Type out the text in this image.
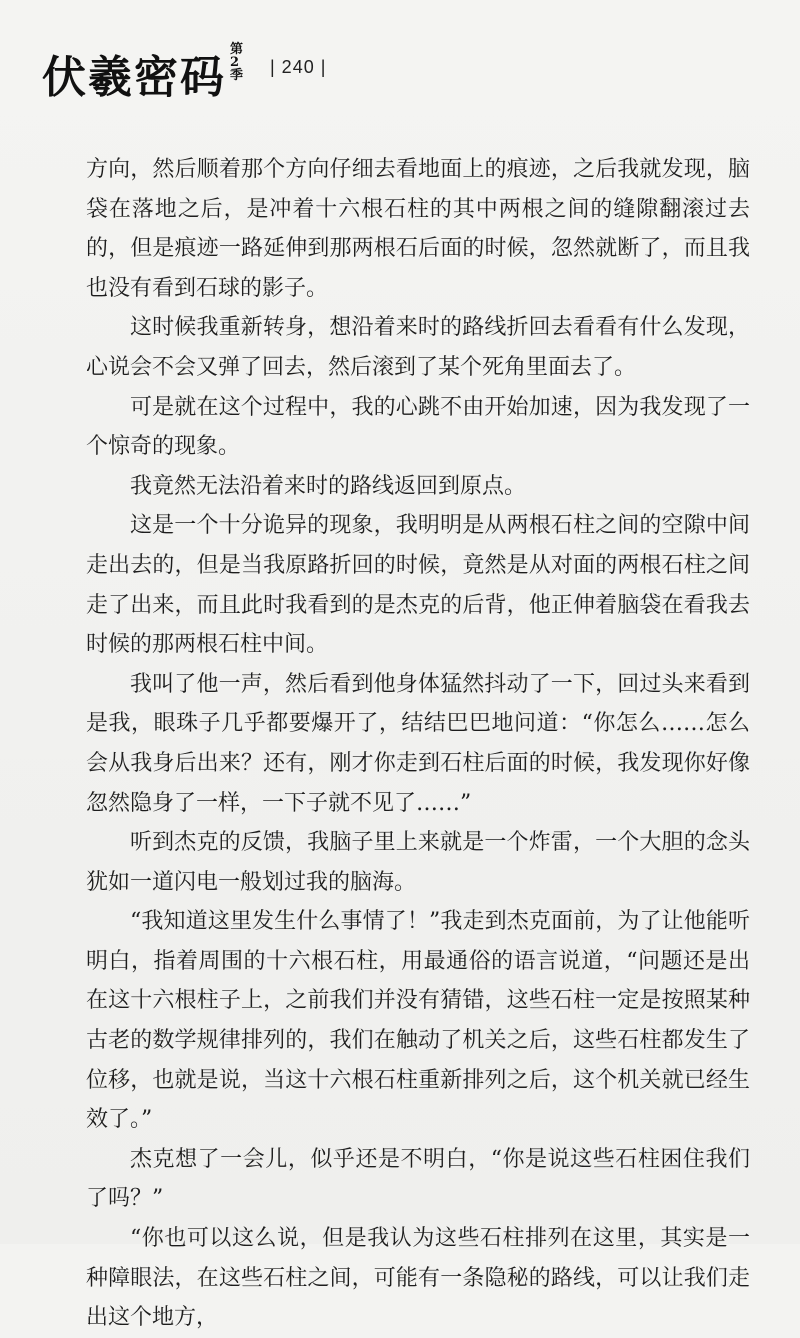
伏羲密码
第2季 | 240 |

方向，然后顺着那个方向仔细去看地面上的痕迹，之后我就发现，脑袋在落地之后，是冲着十六根石柱的其中两根之间的缝隙翻滚过去的，但是痕迹一路延伸到那两根石后面的时候，忽然就断了，而且我也没有看到石球的影子。

这时候我重新转身，想沿着来时的路线折回去看看有什么发现，心说会不会又弹了回去，然后滚到了某个死角里面去了。

可是就在这个过程中，我的心跳不由开始加速，因为我发现了一个惊奇的现象。

我竟然无法沿着来时的路线返回到原点。

这是一个十分诡异的现象，我明明是从两根石柱之间的空隙中间走出去的，但是当我原路折回的时候，竟然是从对面的两根石柱之间走了出来，而且此时我看到的是杰克的后背，他正伸着脑袋在看我去时候的那两根石柱中间。

我叫了他一声，然后看到他身体猛然抖动了一下，回过头来看到是我，眼珠子几乎都要爆开了，结结巴巴地问道：“你怎么……怎么会从我身后出来？还有，刚才你走到石柱后面的时候，我发现你好像忽然隐身了一样，一下子就不见了……”

听到杰克的反馈，我脑子里上来就是一个炸雷，一个大胆的念头犹如一道闪电一般划过我的脑海。

“我知道这里发生什么事情了！”我走到杰克面前，为了让他能听明白，指着周围的十六根石柱，用最通俗的语言说道，“问题还是出在这十六根柱子上，之前我们并没有猜错，这些石柱一定是按照某种古老的数学规律排列的，我们在触动了机关之后，这些石柱都发生了位移，也就是说，当这十六根石柱重新排列之后，这个机关就已经生效了。”

杰克想了一会儿，似乎还是不明白，“你是说这些石柱困住我们了吗？”

“你也可以这么说，但是我认为这些石柱排列在这里，其实是一种障眼法，在这些石柱之间，可能有一条隐秘的路线，可以让我们走出这个地方，
